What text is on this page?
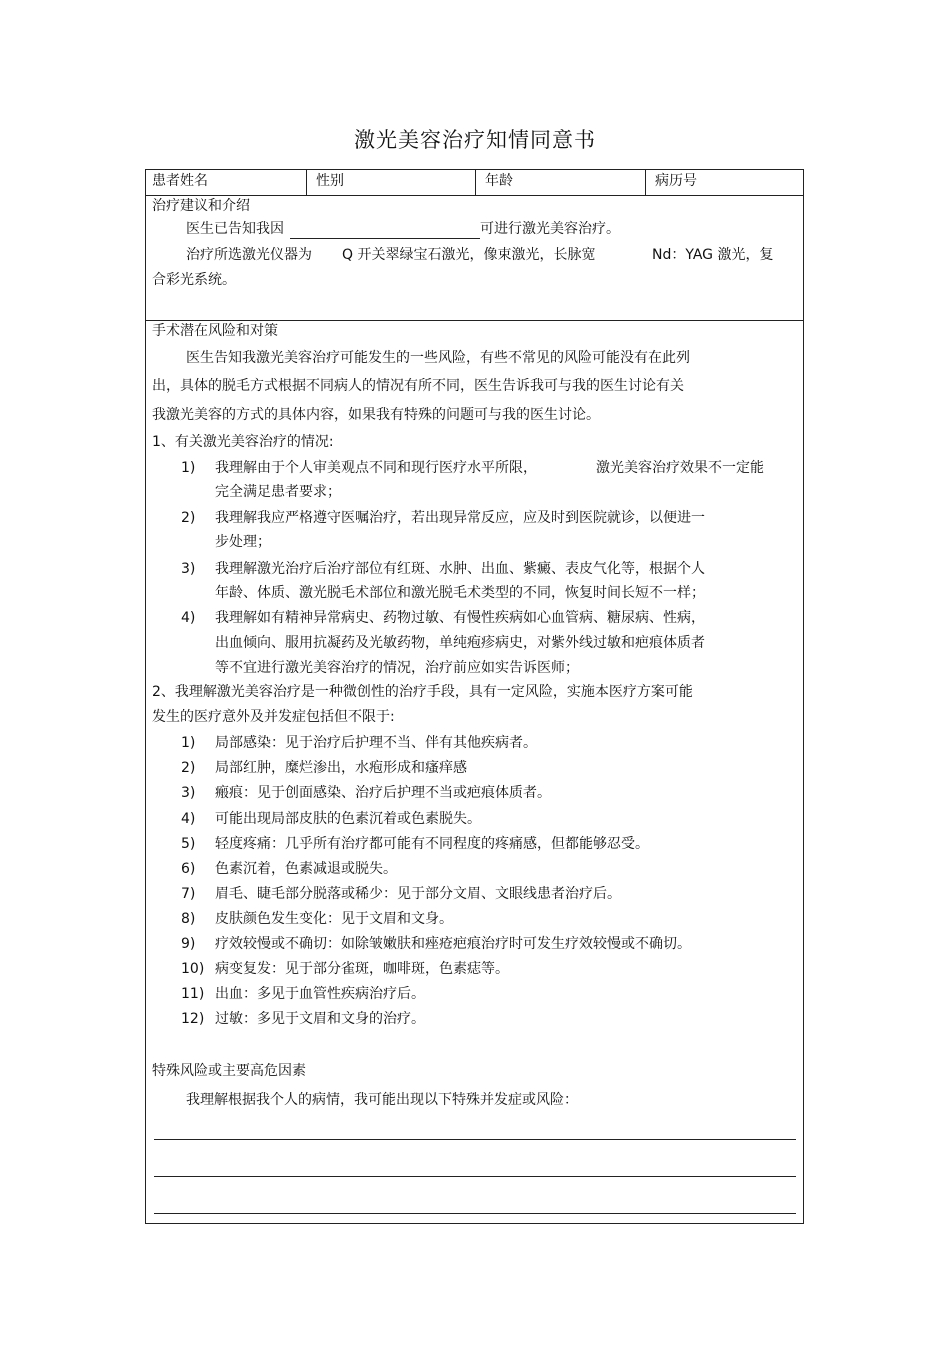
激光美容治疗知情同意书
患者姓名	性别	年龄	病历号
治疗建议和介绍
医生已告知我因	可进行激光美容治疗。
治疗所选激光仪器为 Q 开关翠绿宝石激光，像束激光，长脉宽	Nd：YAG 激光，复
合彩光系统。
手术潜在风险和对策
医生告知我激光美容治疗可能发生的一些风险，有些不常见的风险可能没有在此列
出，具体的脱毛方式根据不同病人的情况有所不同，医生告诉我可与我的医生讨论有关
我激光美容的方式的具体内容，如果我有特殊的问题可与我的医生讨论。
1、有关激光美容治疗的情况:
1) 我理解由于个人审美观点不同和现行医疗水平所限，	激光美容治疗效果不一定能
完全满足患者要求；
2) 我理解我应严格遵守医嘱治疗，若出现异常反应，应及时到医院就诊，以便进一
步处理；
3) 我理解激光治疗后治疗部位有红斑、水肿、出血、紫癜、表皮气化等，根据个人
年龄、体质、激光脱毛术部位和激光脱毛术类型的不同，恢复时间长短不一样；
4) 我理解如有精神异常病史、药物过敏、有慢性疾病如心血管病、糖尿病、性病，
出血倾向、服用抗凝药及光敏药物，单纯疱疹病史，对紫外线过敏和疤痕体质者
等不宜进行激光美容治疗的情况，治疗前应如实告诉医师；
2、我理解激光美容治疗是一种微创性的治疗手段，具有一定风险，实施本医疗方案可能
发生的医疗意外及并发症包括但不限于:
1) 局部感染：见于治疗后护理不当、伴有其他疾病者。
2) 局部红肿，糜烂渗出，水疱形成和瘙痒感
3) 瘢痕：见于创面感染、治疗后护理不当或疤痕体质者。
4) 可能出现局部皮肤的色素沉着或色素脱失。
5) 轻度疼痛：几乎所有治疗都可能有不同程度的疼痛感，但都能够忍受。
6) 色素沉着，色素减退或脱失。
7) 眉毛、睫毛部分脱落或稀少：见于部分文眉、文眼线患者治疗后。
8) 皮肤颜色发生变化：见于文眉和文身。
9) 疗效较慢或不确切：如除皱嫩肤和痤疮疤痕治疗时可发生疗效较慢或不确切。
10) 病变复发：见于部分雀斑，咖啡斑，色素痣等。
11) 出血：多见于血管性疾病治疗后。
12) 过敏：多见于文眉和文身的治疗。
特殊风险或主要高危因素
我理解根据我个人的病情，我可能出现以下特殊并发症或风险：
